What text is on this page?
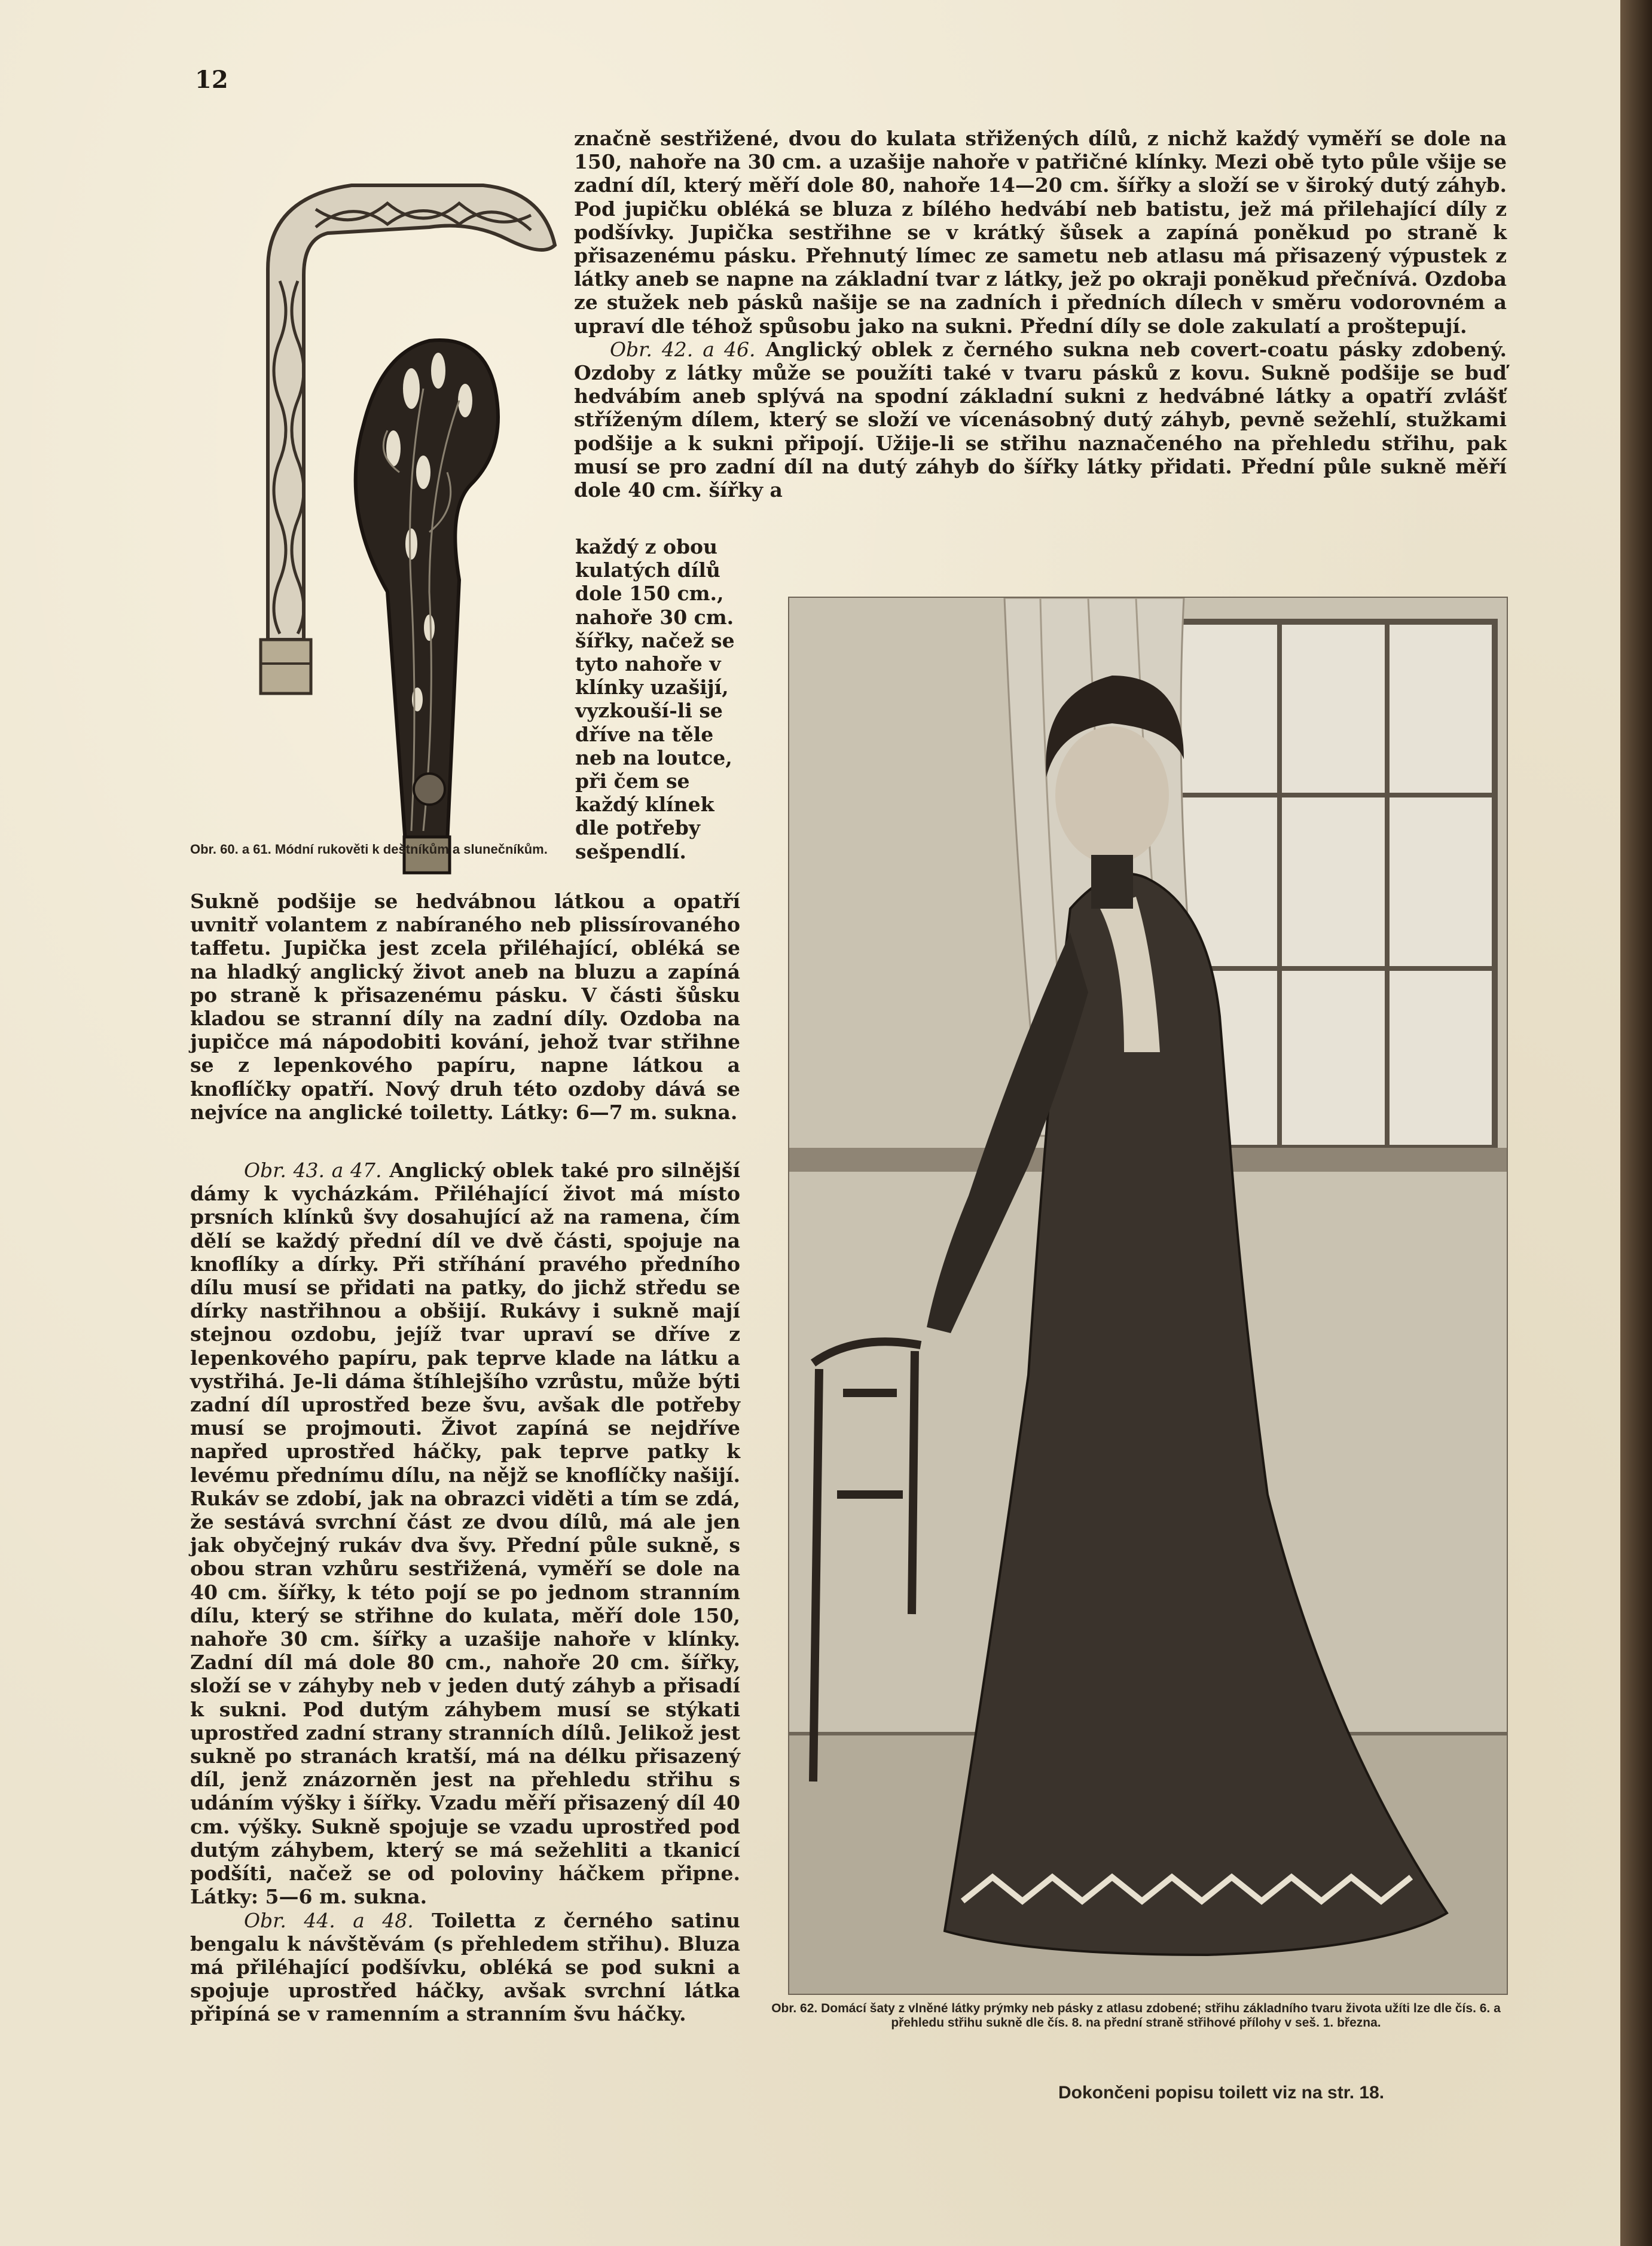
12

Obr. 60. a 61. Módní rukověti k deštníkům a slunečníkům.

značně sestřižené, dvou do kulata střižených dílů, z nichž každý vyměří se dole na 150, nahoře na 30 cm. a uzašije nahoře v patřičné klínky. Mezi obě tyto půle všije se zadní díl, který měří dole 80, nahoře 14—20 cm. šířky a složí se v široký dutý záhyb. Pod jupičku obléká se bluza z bílého hedvábí neb batistu, jež má přilehající díly z podšívky. Jupička sestřihne se v krátký šůsek a zapíná poněkud po straně k přisazenému pásku. Přehnutý límec ze sametu neb atlasu má přisazený výpustek z látky aneb se napne na základní tvar z látky, jež po okraji poněkud přečnívá. Ozdoba ze stužek neb pásků našije se na zadních i předních dílech v směru vodorovném a upraví dle téhož spůsobu jako na sukni. Přední díly se dole zakulatí a proštepují.
Obr. 42. a 46. Anglický oblek z černého sukna neb covert-coatu pásky zdobený. Ozdoby z látky může se použíti také v tvaru pásků z kovu. Sukně podšije se buď hedvábím aneb splývá na spodní základní sukni z hedvábné látky a opatří zvlášť stříženým dílem, který se složí ve vícenásobný dutý záhyb, pevně sežehlí, stužkami podšije a k sukni připojí. Užije-li se střihu naznačeného na přehledu střihu, pak musí se pro zadní díl na dutý záhyb do šířky látky přidati. Přední půle sukně měří dole 40 cm. šířky a
každý z obou kulatých dílů dole 150 cm., nahoře 30 cm. šířky, načež se tyto nahoře v klínky uzašijí, vyzkouší-li se dříve na těle neb na loutce, při čem se každý klínek dle potřeby sešpendlí.
Sukně podšije se hedvábnou látkou a opatří uvnitř volantem z nabíraného neb plissírovaného taffetu. Jupička jest zcela přiléhající, obléká se na hladký anglický život aneb na bluzu a zapíná po straně k přisazenému pásku. V části šůsku kladou se stranní díly na zadní díly. Ozdoba na jupičce má nápodobiti kování, jehož tvar střihne se z lepenkového papíru, napne látkou a knoflíčky opatří. Nový druh této ozdoby dává se nejvíce na anglické toiletty. Látky: 6—7 m. sukna.
Obr. 43. a 47. Anglický oblek také pro silnější dámy k vycházkám. Přiléhající život má místo prsních klínků švy dosahující až na ramena, čím dělí se každý přední díl ve dvě části, spojuje na knoflíky a dírky. Při stříhání pravého předního dílu musí se přidati na patky, do jichž středu se dírky nastřihnou a obšijí. Rukávy i sukně mají stejnou ozdobu, jejíž tvar upraví se dříve z lepenkového papíru, pak teprve klade na látku a vystřihá. Je-li dáma štíhlejšího vzrůstu, může býti zadní díl uprostřed beze švu, avšak dle potřeby musí se projmouti. Život zapíná se nejdříve napřed uprostřed háčky, pak teprve patky k levému přednímu dílu, na nějž se knoflíčky našijí. Rukáv se zdobí, jak na obrazci viděti a tím se zdá, že sestává svrchní část ze dvou dílů, má ale jen jak obyčejný rukáv dva švy. Přední půle sukně, s obou stran vzhůru sestřižená, vyměří se dole na 40 cm. šířky, k této pojí se po jednom stranním dílu, který se střihne do kulata, měří dole 150, nahoře 30 cm. šířky a uzašije nahoře v klínky. Zadní díl má dole 80 cm., nahoře 20 cm. šířky, složí se v záhyby neb v jeden dutý záhyb a přisadí k sukni. Pod dutým záhybem musí se stýkati uprostřed zadní strany stranních dílů. Jelikož jest sukně po stranách kratší, má na délku přisazený díl, jenž znázorněn jest na přehledu střihu s udáním výšky i šířky. Vzadu měří přisazený díl 40 cm. výšky. Sukně spojuje se vzadu uprostřed pod dutým záhybem, který se má sežehliti a tkanicí podšíti, načež se od poloviny háčkem připne. Látky: 5—6 m. sukna.
Obr. 44. a 48. Toiletta z černého satinu bengalu k návštěvám (s přehledem střihu). Bluza má přiléhající podšívku, obléká se pod sukni a spojuje uprostřed háčky, avšak svrchní látka připíná se v ramenním a stranním švu háčky.	Obr. 62. Domácí šaty z vlněné látky prýmky neb pásky z atlasu zdobené; střihu základního tvaru života užíti lze dle čís. 6. a přehledu střihu sukně dle čís. 8. na přední straně střihové přílohy v seš. 1. března.

Dokončeni popisu toilett viz na str. 18.
